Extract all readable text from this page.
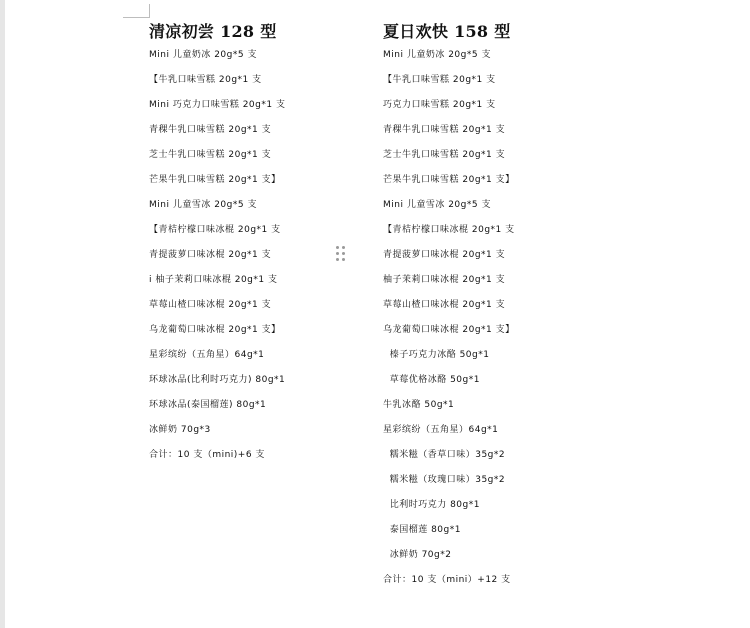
清凉初尝 128 型
Mini 儿童奶冰 20g*5 支
【牛乳口味雪糕 20g*1 支
Mini 巧克力口味雪糕 20g*1 支
青稞牛乳口味雪糕 20g*1 支
芝士牛乳口味雪糕 20g*1 支
芒果牛乳口味雪糕 20g*1 支】
Mini 儿童雪冰 20g*5 支
【青桔柠檬口味冰棍 20g*1 支
青提菠萝口味冰棍 20g*1 支
i 柚子茉莉口味冰棍 20g*1 支
草莓山楂口味冰棍 20g*1 支
乌龙葡萄口味冰棍 20g*1 支】
星彩缤纷（五角星）64g*1
环球冰品(比利时巧克力) 80g*1
环球冰品(泰国榴莲) 80g*1
冰鲜奶 70g*3
合计：10 支（mini)+6 支
夏日欢快 158 型
Mini 儿童奶冰 20g*5 支
【牛乳口味雪糕 20g*1 支
巧克力口味雪糕 20g*1 支
青稞牛乳口味雪糕 20g*1 支
芝士牛乳口味雪糕 20g*1 支
芒果牛乳口味雪糕 20g*1 支】
Mini 儿童雪冰 20g*5 支
【青桔柠檬口味冰棍 20g*1 支
青提菠萝口味冰棍 20g*1 支
柚子茉莉口味冰棍 20g*1 支
草莓山楂口味冰棍 20g*1 支
乌龙葡萄口味冰棍 20g*1 支】
榛子巧克力冰酪 50g*1
草莓优格冰酪 50g*1
牛乳冰酪 50g*1
星彩缤纷（五角星）64g*1
糯米糍（香草口味）35g*2
糯米糍（玫瑰口味）35g*2
比利时巧克力 80g*1
泰国榴莲 80g*1
冰鲜奶 70g*2
合计：10 支（mini）+12 支
